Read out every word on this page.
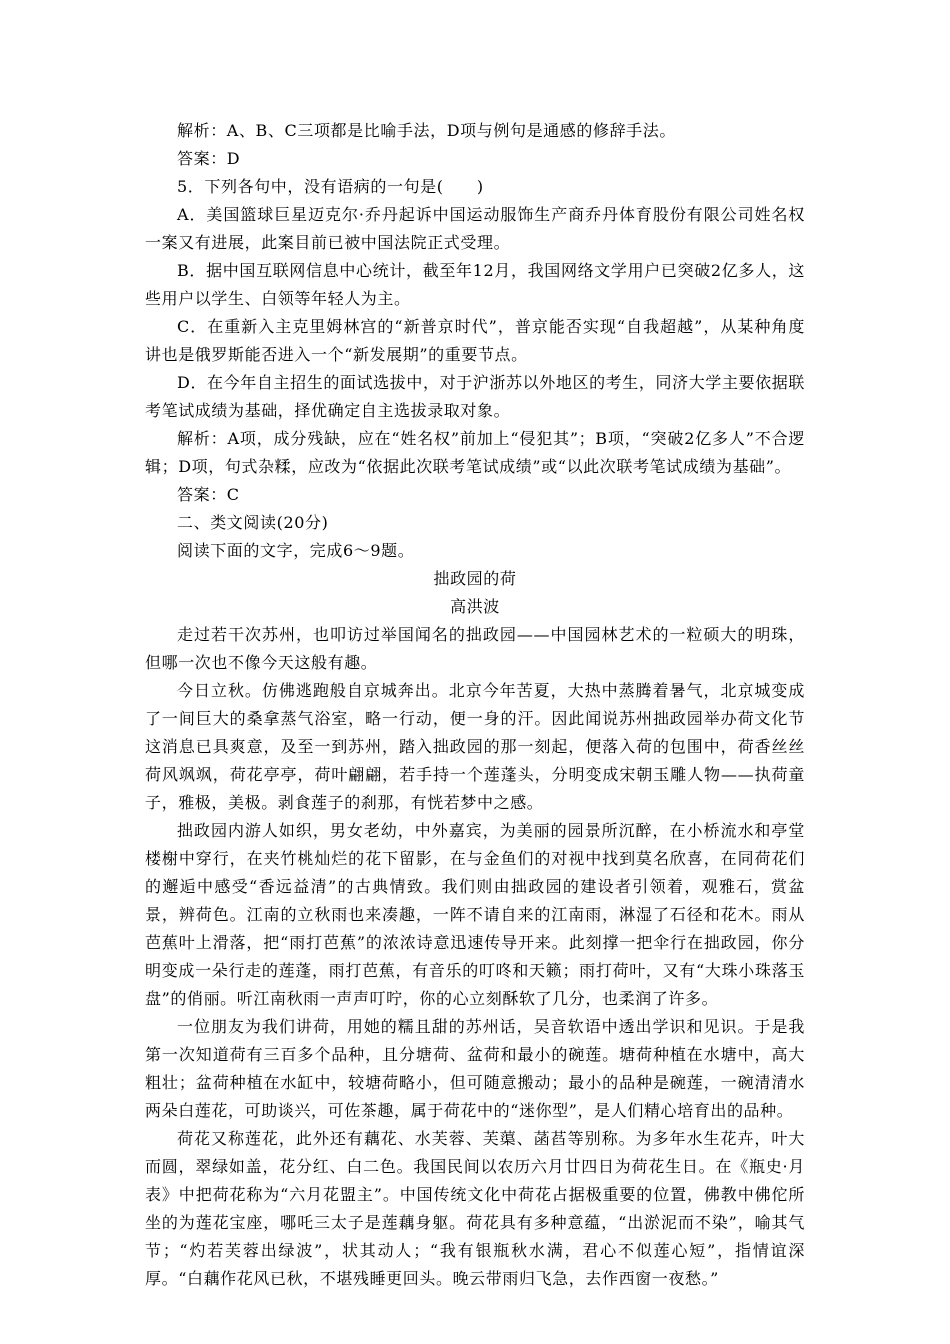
解析：A、B、C三项都是比喻手法，D项与例句是通感的修辞手法。

答案：D

5．下列各句中，没有语病的一句是(　　)

A．美国篮球巨星迈克尔·乔丹起诉中国运动服饰生产商乔丹体育股份有限公司姓名权一案又有进展，此案目前已被中国法院正式受理。

B．据中国互联网信息中心统计，截至年12月，我国网络文学用户已突破2亿多人，这些用户以学生、白领等年轻人为主。

C．在重新入主克里姆林宫的“新普京时代”，普京能否实现“自我超越”，从某种角度讲也是俄罗斯能否进入一个“新发展期”的重要节点。

D．在今年自主招生的面试选拔中，对于沪浙苏以外地区的考生，同济大学主要依据联考笔试成绩为基础，择优确定自主选拔录取对象。

解析：A项，成分残缺，应在“姓名权”前加上“侵犯其”；B项，“突破2亿多人”不合逻辑；D项，句式杂糅，应改为“依据此次联考笔试成绩”或“以此次联考笔试成绩为基础”。

答案：C

二、类文阅读(20分)

阅读下面的文字，完成6～9题。

拙政园的荷

高洪波

走过若干次苏州，也叩访过举国闻名的拙政园——中国园林艺术的一粒硕大的明珠，但哪一次也不像今天这般有趣。

今日立秋。仿佛逃跑般自京城奔出。北京今年苦夏，大热中蒸腾着暑气，北京城变成了一间巨大的桑拿蒸气浴室，略一行动，便一身的汗。因此闻说苏州拙政园举办荷文化节这消息已具爽意，及至一到苏州，踏入拙政园的那一刻起，便落入荷的包围中，荷香丝丝荷风飒飒，荷花亭亭，荷叶翩翩，若手持一个莲蓬头，分明变成宋朝玉雕人物——执荷童子，雅极，美极。剥食莲子的刹那，有恍若梦中之感。

拙政园内游人如织，男女老幼，中外嘉宾，为美丽的园景所沉醉，在小桥流水和亭堂楼榭中穿行，在夹竹桃灿烂的花下留影，在与金鱼们的对视中找到莫名欣喜，在同荷花们的邂逅中感受“香远益清”的古典情致。我们则由拙政园的建设者引领着，观雅石，赏盆景，辨荷色。江南的立秋雨也来凑趣，一阵不请自来的江南雨，淋湿了石径和花木。雨从芭蕉叶上滑落，把“雨打芭蕉”的浓浓诗意迅速传导开来。此刻撑一把伞行在拙政园，你分明变成一朵行走的莲蓬，雨打芭蕉，有音乐的叮咚和天籁；雨打荷叶，又有“大珠小珠落玉盘”的俏丽。听江南秋雨一声声叮咛，你的心立刻酥软了几分，也柔润了许多。

一位朋友为我们讲荷，用她的糯且甜的苏州话，吴音软语中透出学识和见识。于是我第一次知道荷有三百多个品种，且分塘荷、盆荷和最小的碗莲。塘荷种植在水塘中，高大粗壮；盆荷种植在水缸中，较塘荷略小，但可随意搬动；最小的品种是碗莲，一碗清清水两朵白莲花，可助谈兴，可佐茶趣，属于荷花中的“迷你型”，是人们精心培育出的品种。

荷花又称莲花，此外还有藕花、水芙蓉、芙蕖、菡萏等别称。为多年水生花卉，叶大而圆，翠绿如盖，花分红、白二色。我国民间以农历六月廿四日为荷花生日。在《瓶史·月表》中把荷花称为“六月花盟主”。中国传统文化中荷花占据极重要的位置，佛教中佛佗所坐的为莲花宝座，哪吒三太子是莲藕身躯。荷花具有多种意蕴，“出淤泥而不染”，喻其气节；“灼若芙蓉出绿波”，状其动人；“我有银瓶秋水满，君心不似莲心短”，指情谊深厚。“白藕作花风已秋，不堪残睡更回头。晚云带雨归飞急，去作西窗一夜愁。”
